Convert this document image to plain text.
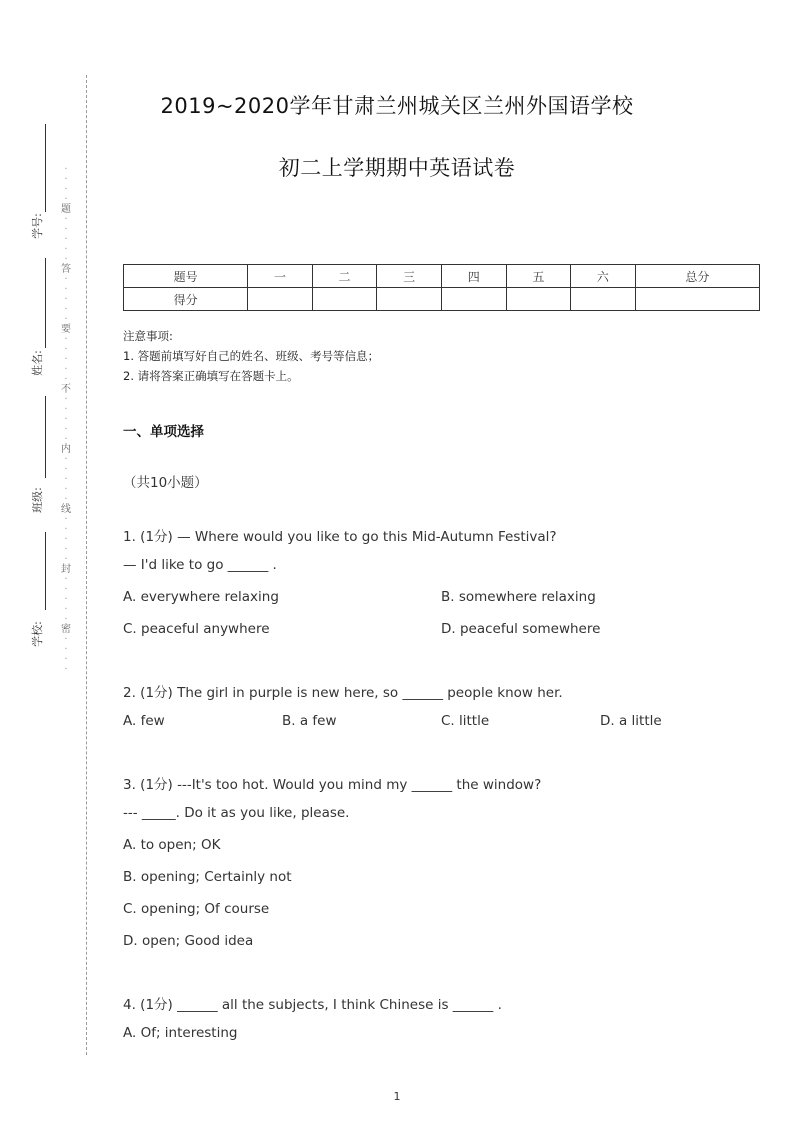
2019~2020学年甘肃兰州城关区兰州外国语学校
初二上学期期中英语试卷
学号:
姓名:
班级:
学校:
·
·
·
·
题
·
·
·
·
·
答
·
·
·
·
·
要
·
·
·
·
·
不
·
·
·
·
·
内
·
·
·
·
·
线
·
·
·
·
·
封
·
·
·
·
·
密
·
·
·
·
题号	一	二	三	四	五	六	总分
得分							
注意事项:
1. 答题前填写好自己的姓名、班级、考号等信息；
2. 请将答案正确填写在答题卡上。
一、单项选择
（共10小题）
1. (1分) — Where would you like to go this Mid-Autumn Festival?
— I'd like to go ______ .
A. everywhere relaxing	B. somewhere relaxing
C. peaceful anywhere	D. peaceful somewhere
2. (1分) The girl in purple is new here, so ______ people know her.
A. few	B. a few	C. little	D. a little
3. (1分) ---It's too hot. Would you mind my ______ the window?
--- _____. Do it as you like, please.
A. to open; OK
B. opening; Certainly not
C. opening; Of course
D. open; Good idea
4. (1分) ______ all the subjects, I think Chinese is ______ .
A. Of; interesting
1
